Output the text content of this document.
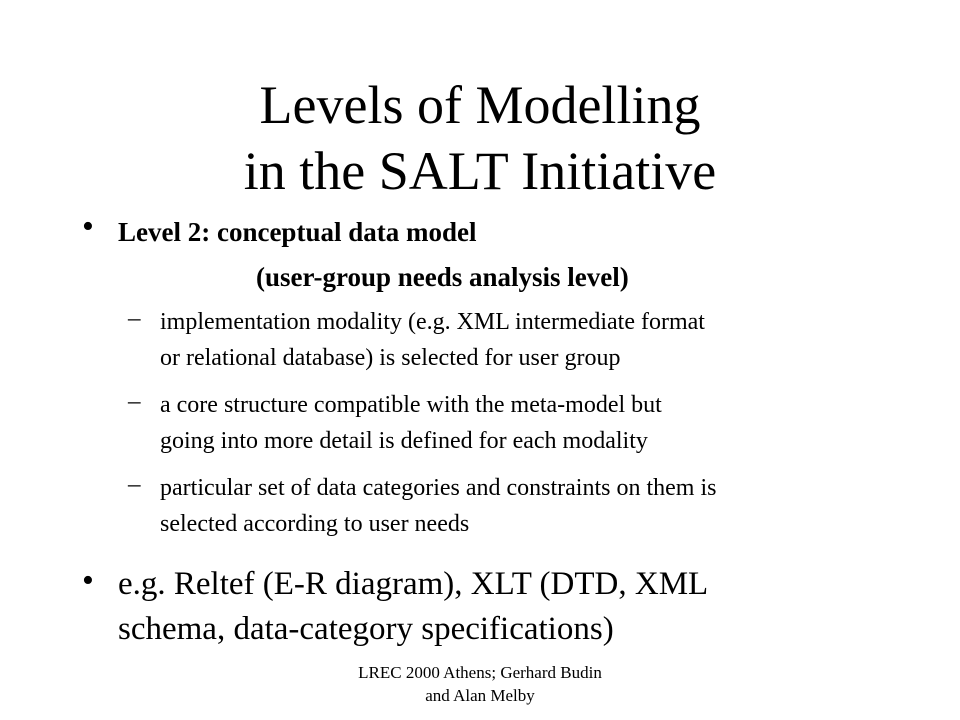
Levels of Modelling
in the SALT Initiative
• Level 2: conceptual data model
(user-group needs analysis level)
– implementation modality (e.g. XML intermediate format
or relational database) is selected for user group
– a core structure compatible with the meta-model but
going into more detail is defined for each modality
– particular set of data categories and constraints on them is
selected according to user needs
• e.g. Reltef (E-R diagram), XLT (DTD, XML
schema, data-category specifications)
LREC 2000 Athens; Gerhard Budin
and Alan Melby
